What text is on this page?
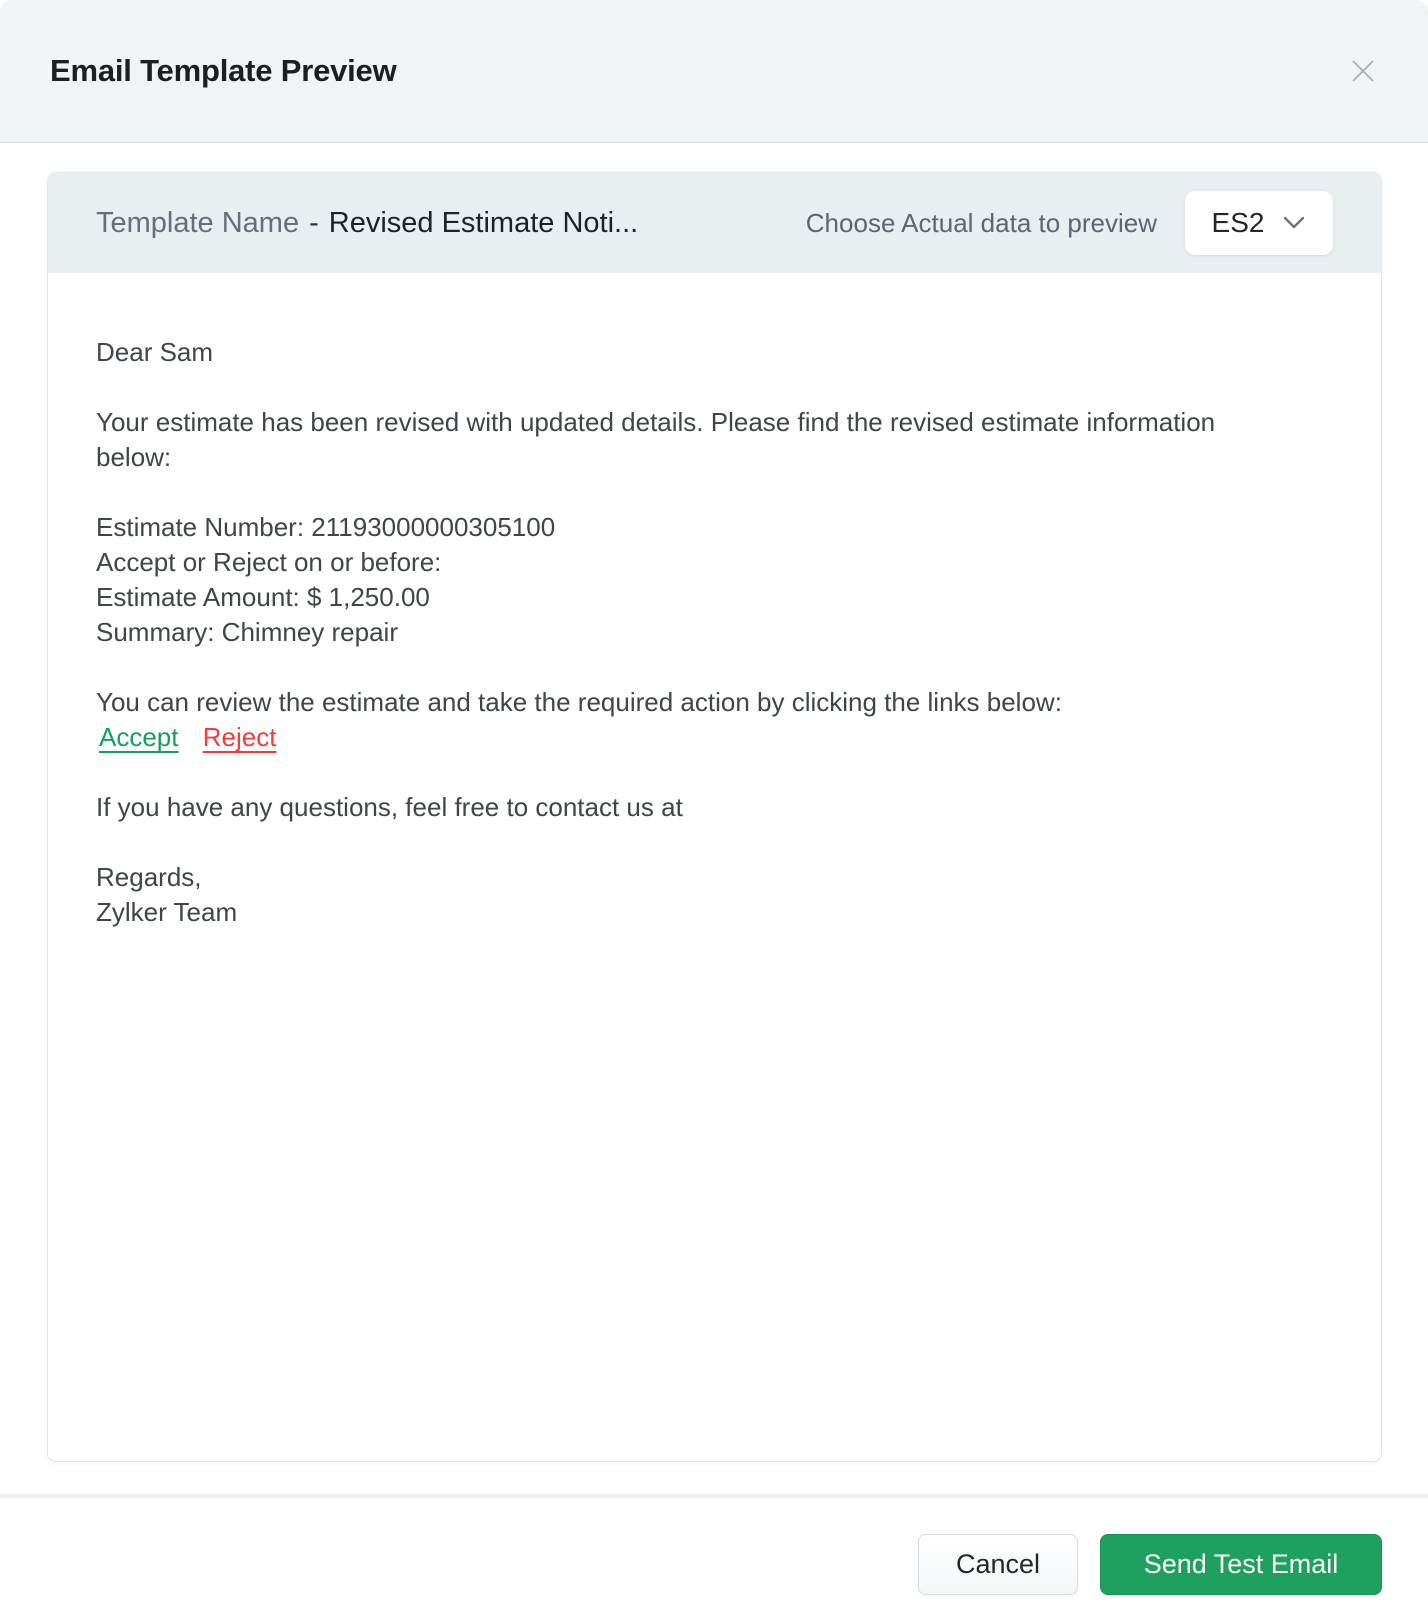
Email Template Preview
Template Name - Revised Estimate Noti...	Choose Actual data to preview ES2

Dear Sam

Your estimate has been revised with updated details. Please find the revised estimate information below:

Estimate Number: 21193000000305100

Accept or Reject on or before:

Estimate Amount: $ 1,250.00

Summary: Chimney repair

You can review the estimate and take the required action by clicking the links below:

Accept Reject

If you have any questions, feel free to contact us at

Regards,

Zylker Team

Cancel	Send Test Email
